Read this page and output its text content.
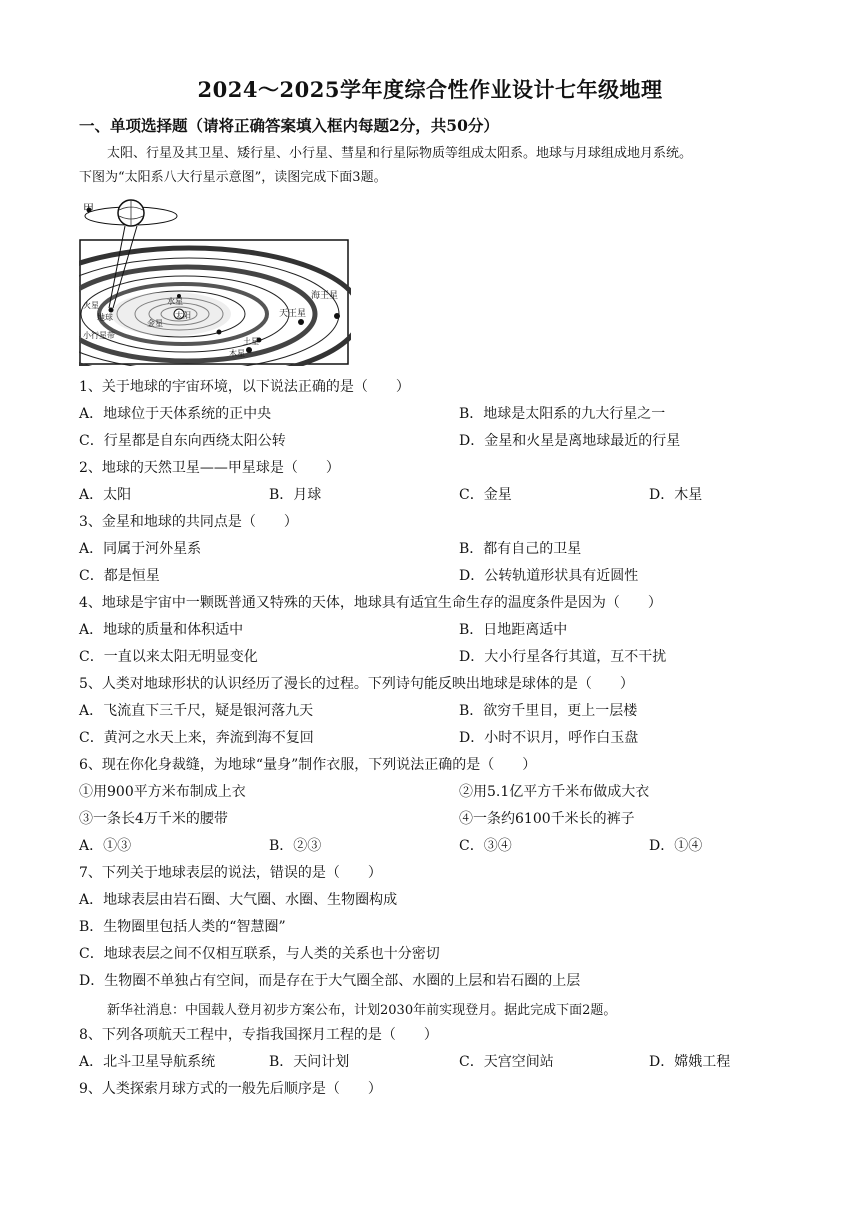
2024～2025学年度综合性作业设计七年级地理
一、单项选择题（请将正确答案填入框内每题2分，共50分）
太阳、行星及其卫星、矮行星、小行星、彗星和行星际物质等组成太阳系。地球与月球组成地月系统。
下图为“太阳系八大行星示意图”，读图完成下面3题。
甲
水星
金星
地球
火星
太阳
小行星带
土星
木星
天王星
海王星
1、关于地球的宇宙环境，以下说法正确的是（　　）
A．地球位于天体系统的正中央	B．地球是太阳系的九大行星之一
C．行星都是自东向西绕太阳公转	D．金星和火星是离地球最近的行星
2、地球的天然卫星——甲星球是（　　）
A．太阳	B．月球	C．金星	D．木星
3、金星和地球的共同点是（　　）
A．同属于河外星系	B．都有自己的卫星
C．都是恒星	D．公转轨道形状具有近圆性
4、地球是宇宙中一颗既普通又特殊的天体，地球具有适宜生命生存的温度条件是因为（　　）
A．地球的质量和体积适中	B．日地距离适中
C．一直以来太阳无明显变化	D．大小行星各行其道，互不干扰
5、人类对地球形状的认识经历了漫长的过程。下列诗句能反映出地球是球体的是（　　）
A．飞流直下三千尺，疑是银河落九天	B．欲穷千里目，更上一层楼
C．黄河之水天上来，奔流到海不复回	D．小时不识月，呼作白玉盘
6、现在你化身裁缝，为地球“量身”制作衣服，下列说法正确的是（　　）
①用900平方米布制成上衣	②用5.1亿平方千米布做成大衣
③一条长4万千米的腰带	④一条约6100千米长的裤子
A．①③	B．②③	C．③④	D．①④
7、下列关于地球表层的说法，错误的是（　　）
A．地球表层由岩石圈、大气圈、水圈、生物圈构成
B．生物圈里包括人类的“智慧圈”
C．地球表层之间不仅相互联系，与人类的关系也十分密切
D．生物圈不单独占有空间，而是存在于大气圈全部、水圈的上层和岩石圈的上层
新华社消息：中国载人登月初步方案公布，计划2030年前实现登月。据此完成下面2题。
8、下列各项航天工程中，专指我国探月工程的是（　　）
A．北斗卫星导航系统	B．天问计划	C．天宫空间站	D．嫦娥工程
9、人类探索月球方式的一般先后顺序是（　　）
